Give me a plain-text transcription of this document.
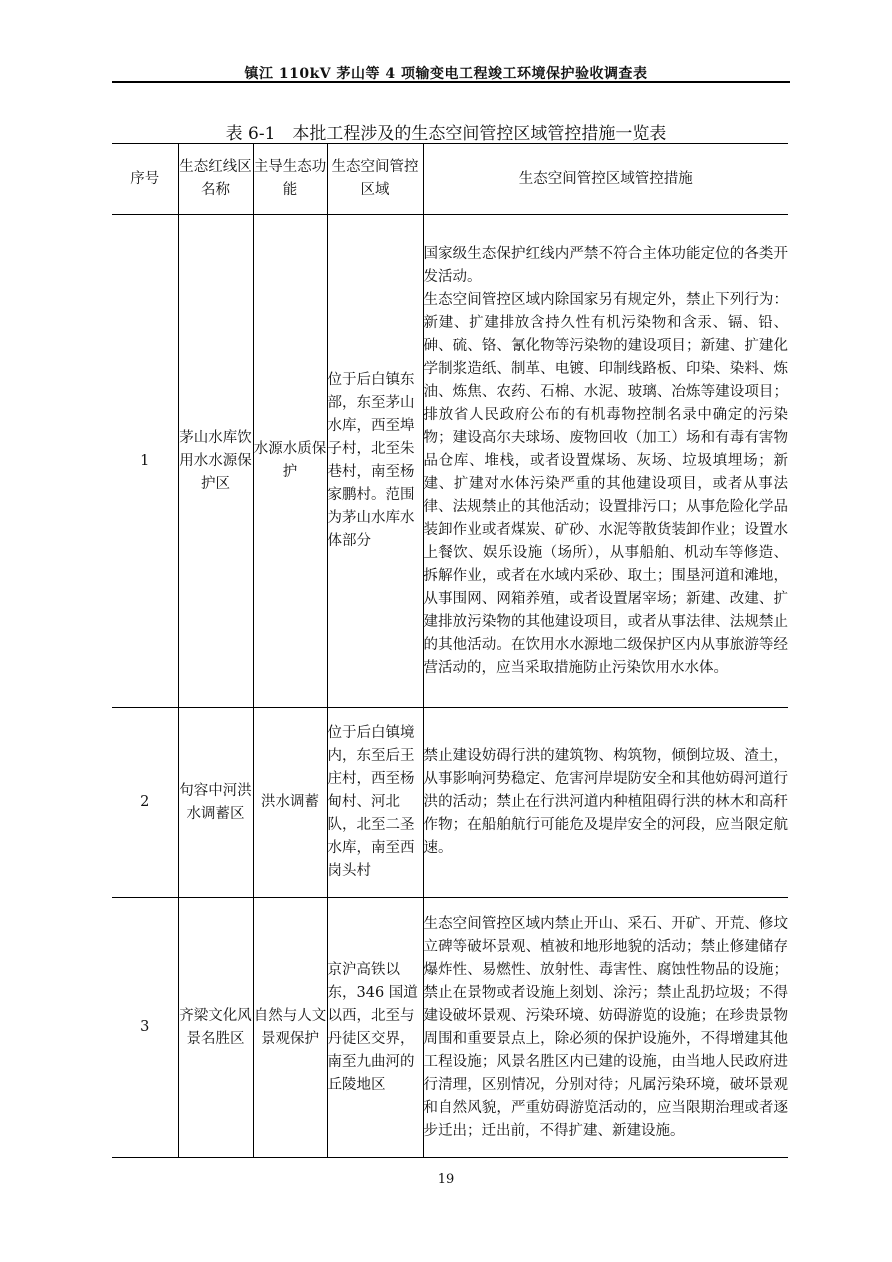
镇江 110kV 茅山等 4 项输变电工程竣工环境保护验收调查表
表 6-1　本批工程涉及的生态空间管控区域管控措施一览表
序号	生态红线区名称	主导生态功能	生态空间管控区域	生态空间管控区域管控措施
1	茅山水库饮用水水源保护区	水源水质保护	位于后白镇东部，东至茅山水库，西至埠子村，北至朱巷村，南至杨家鹏村。范围为茅山水库水体部分	国家级生态保护红线内严禁不符合主体功能定位的各类开发活动。

生态空间管控区域内除国家另有规定外，禁止下列行为：新建、扩建排放含持久性有机污染物和含汞、镉、铅、砷、硫、铬、氰化物等污染物的建设项目；新建、扩建化学制浆造纸、制革、电镀、印制线路板、印染、染料、炼油、炼焦、农药、石棉、水泥、玻璃、冶炼等建设项目；排放省人民政府公布的有机毒物控制名录中确定的污染物；建设高尔夫球场、废物回收（加工）场和有毒有害物品仓库、堆栈，或者设置煤场、灰场、垃圾填埋场；新建、扩建对水体污染严重的其他建设项目，或者从事法律、法规禁止的其他活动；设置排污口；从事危险化学品装卸作业或者煤炭、矿砂、水泥等散货装卸作业；设置水上餐饮、娱乐设施（场所），从事船舶、机动车等修造、拆解作业，或者在水域内采砂、取土；围垦河道和滩地，从事围网、网箱养殖，或者设置屠宰场；新建、改建、扩建排放污染物的其他建设项目，或者从事法律、法规禁止的其他活动。在饮用水水源地二级保护区内从事旅游等经营活动的，应当采取措施防止污染饮用水水体。

2	句容中河洪水调蓄区	洪水调蓄	位于后白镇境内，东至后王庄村，西至杨甸村、河北队，北至二圣水库，南至西岗头村	禁止建设妨碍行洪的建筑物、构筑物，倾倒垃圾、渣土，从事影响河势稳定、危害河岸堤防安全和其他妨碍河道行洪的活动；禁止在行洪河道内种植阻碍行洪的林木和高秆作物；在船舶航行可能危及堤岸安全的河段，应当限定航速。

3	齐梁文化风景名胜区	自然与人文景观保护	京沪高铁以东，346 国道以西，北至与丹徒区交界，南至九曲河的丘陵地区	生态空间管控区域内禁止开山、采石、开矿、开荒、修坟立碑等破坏景观、植被和地形地貌的活动；禁止修建储存爆炸性、易燃性、放射性、毒害性、腐蚀性物品的设施；禁止在景物或者设施上刻划、涂污；禁止乱扔垃圾；不得建设破坏景观、污染环境、妨碍游览的设施；在珍贵景物周围和重要景点上，除必须的保护设施外，不得增建其他工程设施；风景名胜区内已建的设施，由当地人民政府进行清理，区别情况，分别对待；凡属污染环境，破坏景观和自然风貌，严重妨碍游览活动的，应当限期治理或者逐步迁出；迁出前，不得扩建、新建设施。

19
